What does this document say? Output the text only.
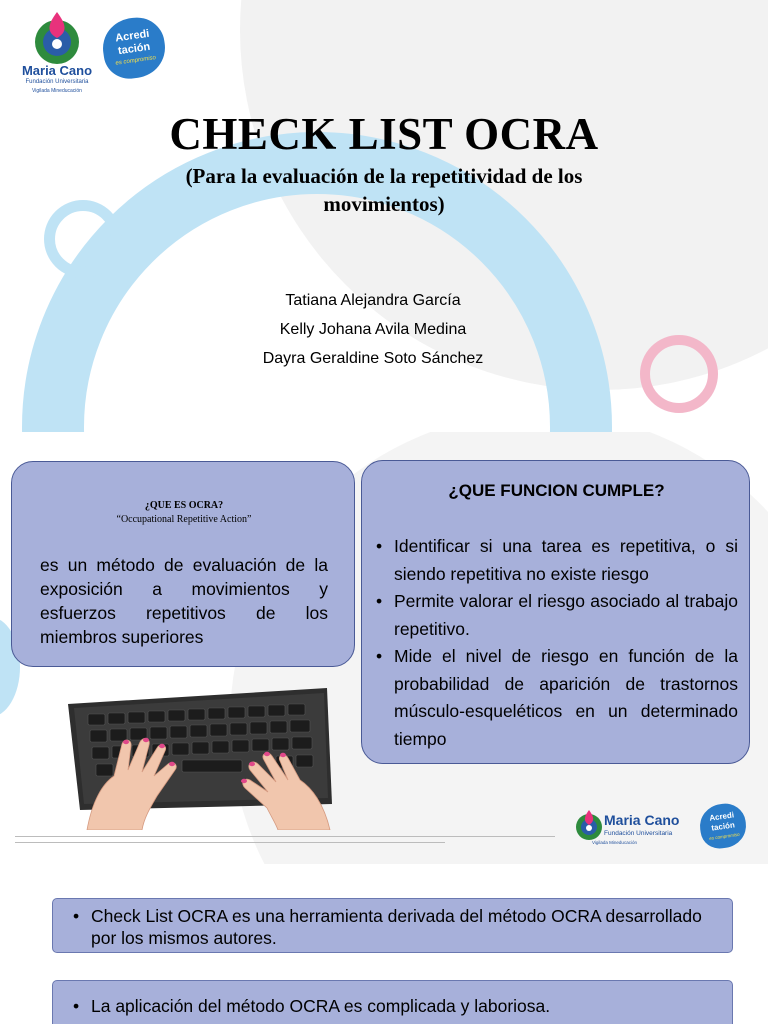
Maria Cano
Fundación Universitaria
Vigilada Mineducación
Acredi
tación
es compromiso
CHECK LIST OCRA
(Para la evaluación de la repetitividad de los
movimientos)
Tatiana Alejandra García
Kelly Johana Avila Medina
Dayra Geraldine Soto Sánchez
¿QUE ES OCRA?
“Occupational Repetitive Action”
es un método de evaluación de la exposición a movimientos y esfuerzos repetitivos de los miembros superiores
¿QUE FUNCION CUMPLE?
• Identificar si una tarea es repetitiva, o si siendo repetitiva no existe riesgo
• Permite valorar el riesgo asociado al trabajo repetitivo.
• Mide el nivel de riesgo en función de la probabilidad de aparición de trastornos músculo-esqueléticos en un determinado tiempo
Maria Cano
Fundación Universitaria
Vigilada Mineducación
Acredi
tación
es compromiso
• Check List OCRA es una herramienta derivada del método OCRA desarrollado por los mismos autores.
• La aplicación del método OCRA es complicada y laboriosa.
